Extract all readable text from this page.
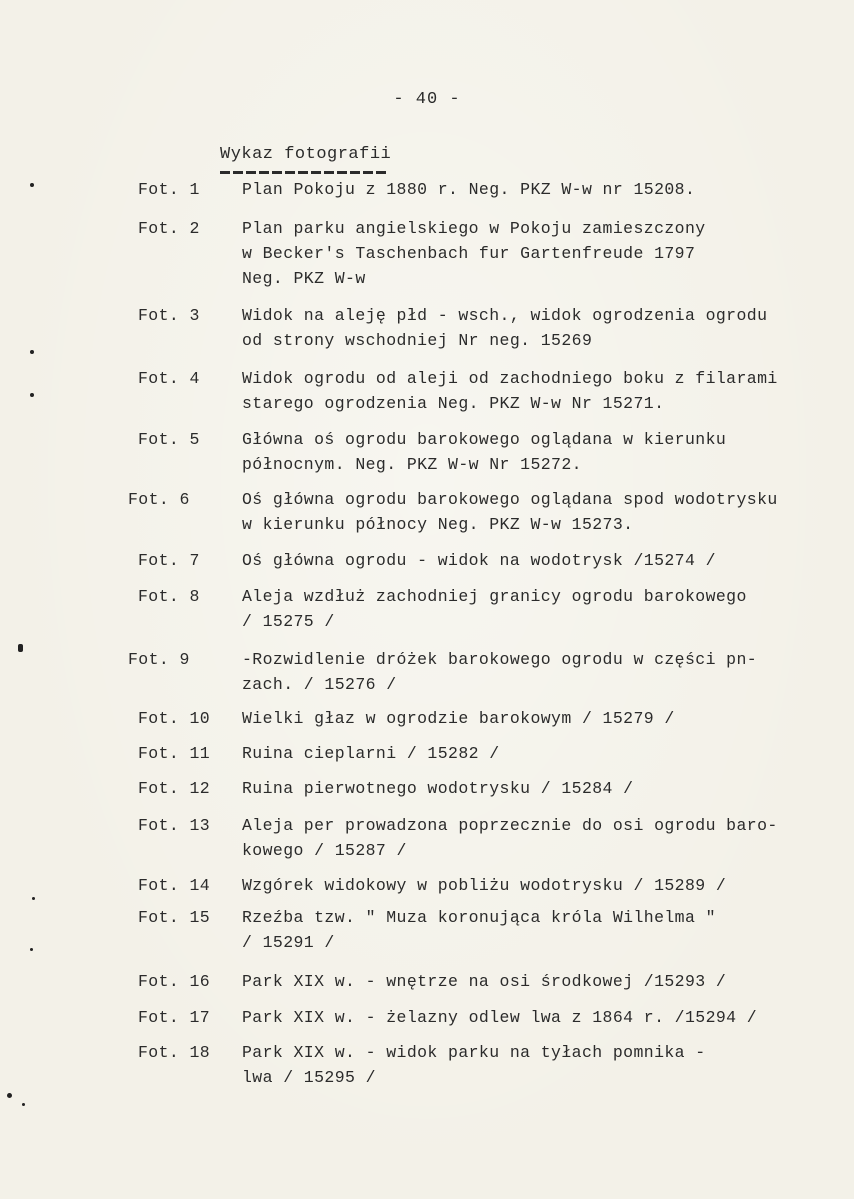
- 40 -
Wykaz fotografii
Fot. 1	Plan Pokoju z 1880 r. Neg. PKZ W-w nr 15208.
Fot. 2	Plan parku angielskiego w Pokoju zamieszczony
w Becker's Taschenbach fur Gartenfreude 1797
Neg. PKZ W-w
Fot. 3	Widok na aleję płd - wsch., widok ogrodzenia ogrodu
od strony wschodniej Nr neg. 15269
Fot. 4	Widok ogrodu od alejі od zachodniego boku z filarami
starego ogrodzenia Neg. PKZ W-w Nr 15271.
Fot. 5	Główna oś ogrodu barokowego oglądana w kierunku
północnym. Neg. PKZ W-w Nr 15272.
Fot. 6	Oś główna ogrodu barokowego oglądana spod wodotrysku
w kierunku północy Neg. PKZ W-w 15273.
Fot. 7	Oś główna ogrodu - widok na wodotrysk /15274 /
Fot. 8	Aleja wzdłuż zachodniej granicy ogrodu barokowego
/ 15275 /
Fot. 9	-Rozwidlenie dróżek barokowego ogrodu w części pn-
zach. / 15276 /
Fot. 10 Wielki głaz w ogrodzie barokowym / 15279 /
Fot. 11 Ruina cieplarni / 15282 /
Fot. 12 Ruina pierwotnego wodotrysku / 15284 /
Fot. 13 Aleja per prowadzona poprzecznie do osi ogrodu baro-
kowego / 15287 /
Fot. 14 Wzgórek widokowy w pobliżu wodotrysku / 15289 /
Fot. 15 Rzeźba tzw. " Muza koronująca króla Wilhelma "
/ 15291 /
Fot. 16 Park XIX w. - wnętrze na osi środkowej /15293 /
Fot. 17 Park XIX w. - żelazny odlew lwa z 1864 r. /15294 /
Fot. 18 Park XIX w. - widok parku na tyłach pomnika -
lwa / 15295 /
